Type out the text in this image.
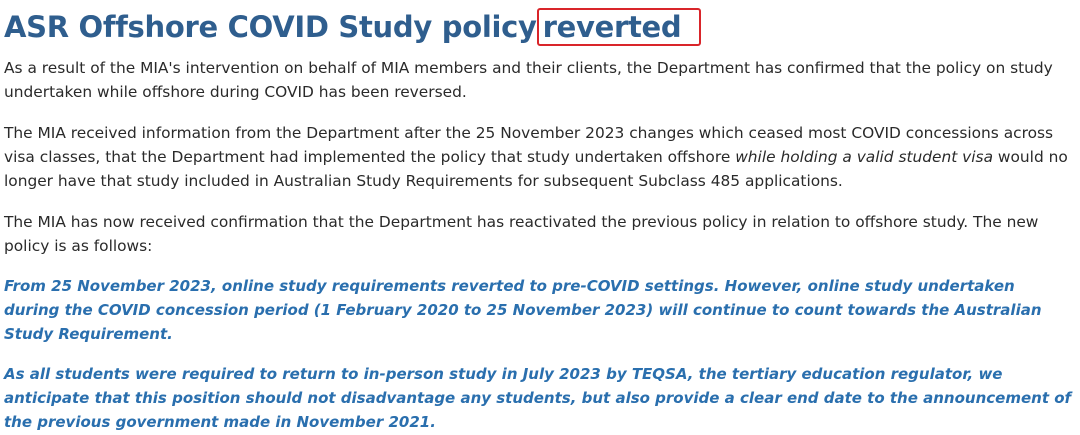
ASR Offshore COVID Study policy reverted

As a result of the MIA's intervention on behalf of MIA members and their clients, the Department has confirmed that the policy on study undertaken while offshore during COVID has been reversed.

The MIA received information from the Department after the 25 November 2023 changes which ceased most COVID concessions across visa classes, that the Department had implemented the policy that study undertaken offshore while holding a valid student visa would no longer have that study included in Australian Study Requirements for subsequent Subclass 485 applications.

The MIA has now received confirmation that the Department has reactivated the previous policy in relation to offshore study. The new policy is as follows:

From 25 November 2023, online study requirements reverted to pre-COVID settings. However, online study undertaken during the COVID concession period (1 February 2020 to 25 November 2023) will continue to count towards the Australian Study Requirement.

As all students were required to return to in-person study in July 2023 by TEQSA, the tertiary education regulator, we anticipate that this position should not disadvantage any students, but also provide a clear end date to the announcement of the previous government made in November 2021.
